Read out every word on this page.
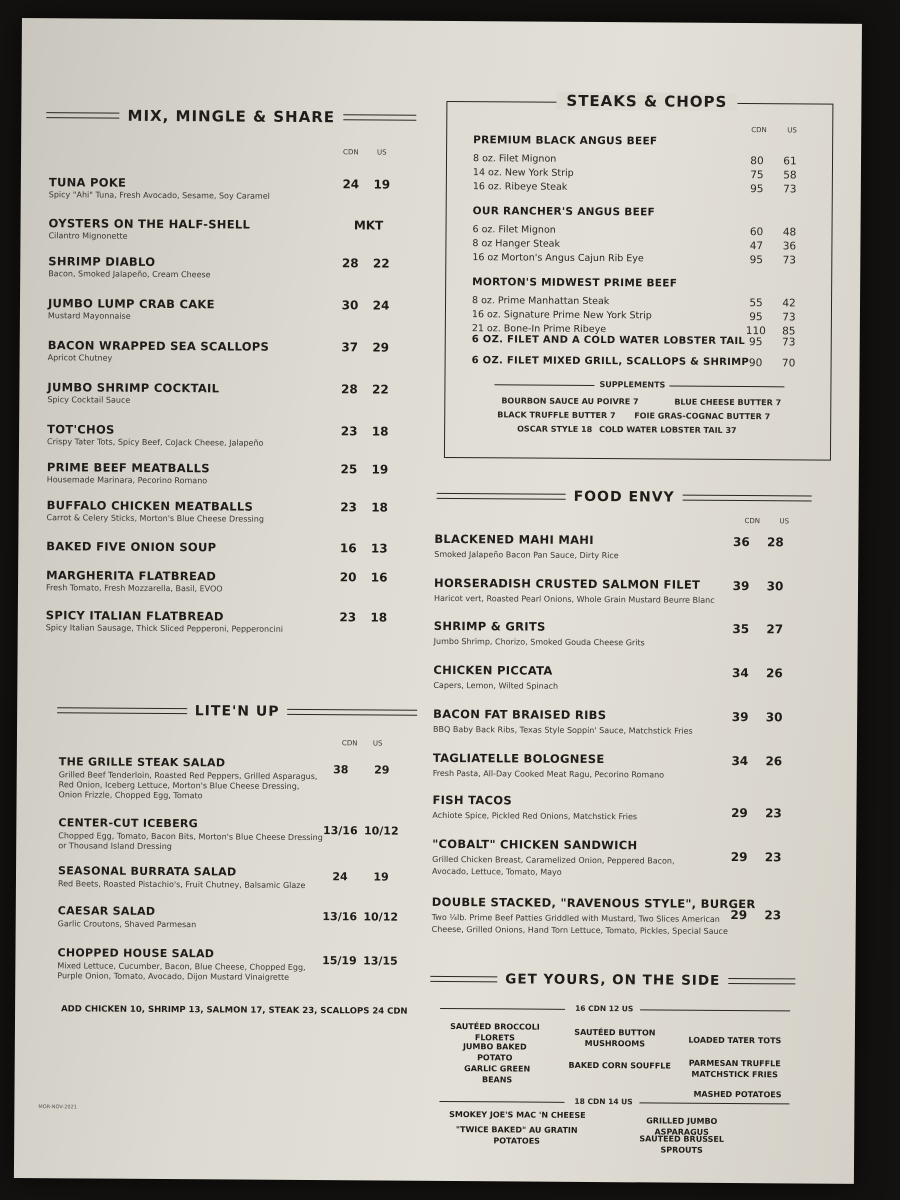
MIX, MINGLE & SHARE
CDN	US
TUNA POKE
Spicy "Ahi" Tuna, Fresh Avocado, Sesame, Soy Caramel
24	19
OYSTERS ON THE HALF-SHELL
Cilantro Mignonette
MKT
SHRIMP DIABLO
Bacon, Smoked Jalapeño, Cream Cheese
28	22
JUMBO LUMP CRAB CAKE
Mustard Mayonnaise
30	24
BACON WRAPPED SEA SCALLOPS
Apricot Chutney
37	29
JUMBO SHRIMP COCKTAIL
Spicy Cocktail Sauce
28	22
TOT'CHOS
Crispy Tater Tots, Spicy Beef, CoJack Cheese, Jalapeño
23	18
PRIME BEEF MEATBALLS
Housemade Marinara, Pecorino Romano
25	19
BUFFALO CHICKEN MEATBALLS
Carrot & Celery Sticks, Morton's Blue Cheese Dressing
23	18
BAKED FIVE ONION SOUP	16	13
MARGHERITA FLATBREAD
Fresh Tomato, Fresh Mozzarella, Basil, EVOO
20	16
SPICY ITALIAN FLATBREAD
Spicy Italian Sausage, Thick Sliced Pepperoni, Pepperoncini
23	18
LITE'N UP
CDN US
THE GRILLE STEAK SALAD
Grilled Beef Tenderloin, Roasted Red Peppers, Grilled Asparagus,
Red Onion, Iceberg Lettuce, Morton's Blue Cheese Dressing,
Onion Frizzle, Chopped Egg, Tomato
38	29
CENTER-CUT ICEBERG
Chopped Egg, Tomato, Bacon Bits, Morton's Blue Cheese Dressing
or Thousand Island Dressing
13/16 10/12
SEASONAL BURRATA SALAD
Red Beets, Roasted Pistachio's, Fruit Chutney, Balsamic Glaze
24	19
CAESAR SALAD
Garlic Croutons, Shaved Parmesan
13/16 10/12
CHOPPED HOUSE SALAD
Mixed Lettuce, Cucumber, Bacon, Blue Cheese, Chopped Egg,
Purple Onion, Tomato, Avocado, Dijon Mustard Vinaigrette
15/19 13/15
ADD CHICKEN 10, SHRIMP 13, SALMON 17, STEAK 23, SCALLOPS 24 CDN
MOR-NOV-2021
STEAKS & CHOPS
CDN	US
PREMIUM BLACK ANGUS BEEF
8 oz. Filet Mignon	80	61
14 oz. New York Strip	75	58
16 oz. Ribeye Steak	95	73
OUR RANCHER'S ANGUS BEEF
6 oz. Filet Mignon	60	48
8 oz Hanger Steak	47	36
16 oz Morton's Angus Cajun Rib Eye	95	73
MORTON'S MIDWEST PRIME BEEF
8 oz. Prime Manhattan Steak	55	42
16 oz. Signature Prime New York Strip	95	73
21 oz. Bone-In Prime Ribeye	110	85
6 OZ. FILET AND A COLD WATER LOBSTER TAIL 95	73
6 OZ. FILET MIXED GRILL, SCALLOPS & SHRIMP 90	70
SUPPLEMENTS
BOURBON SAUCE AU POIVRE 7	BLUE CHEESE BUTTER 7
BLACK TRUFFLE BUTTER 7 FOIE GRAS-COGNAC BUTTER 7
OSCAR STYLE 18 COLD WATER LOBSTER TAIL 37
FOOD ENVY
CDN	US
BLACKENED MAHI MAHI
Smoked Jalapeño Bacon Pan Sauce, Dirty Rice
36	28
HORSERADISH CRUSTED SALMON FILET
Haricot vert, Roasted Pearl Onions, Whole Grain Mustard Beurre Blanc
39	30
SHRIMP & GRITS
Jumbo Shrimp, Chorizo, Smoked Gouda Cheese Grits
35	27
CHICKEN PICCATA
Capers, Lemon, Wilted Spinach
34	26
BACON FAT BRAISED RIBS
BBQ Baby Back Ribs, Texas Style Soppin' Sauce, Matchstick Fries
39	30
TAGLIATELLE BOLOGNESE
Fresh Pasta, All-Day Cooked Meat Ragu, Pecorino Romano
34	26
FISH TACOS
Achiote Spice, Pickled Red Onions, Matchstick Fries	29	23
"COBALT" CHICKEN SANDWICH
Grilled Chicken Breast, Caramelized Onion, Peppered Bacon,
Avocado, Lettuce, Tomato, Mayo
29	23
DOUBLE STACKED, "RAVENOUS STYLE", BURGER
Two ¼lb. Prime Beef Patties Griddled with Mustard, Two Slices American
Cheese, Grilled Onions, Hand Torn Lettuce, Tomato, Pickles, Special Sauce
29	23
GET YOURS, ON THE SIDE
16 CDN 12 US
SAUTÉED BROCCOLI FLORETS
SAUTÉED BUTTON MUSHROOMS	LOADED TATER TOTS
JUMBO BAKED POTATO
GARLIC GREEN BEANS
BAKED CORN SOUFFLE	PARMESAN TRUFFLE MATCHSTICK FRIES
MASHED POTATOES
18 CDN 14 US
SMOKEY JOE'S MAC 'N CHEESE
"TWICE BAKED" AU GRATIN POTATOES
GRILLED JUMBO ASPARAGUS
SAUTEED BRUSSEL SPROUTS
